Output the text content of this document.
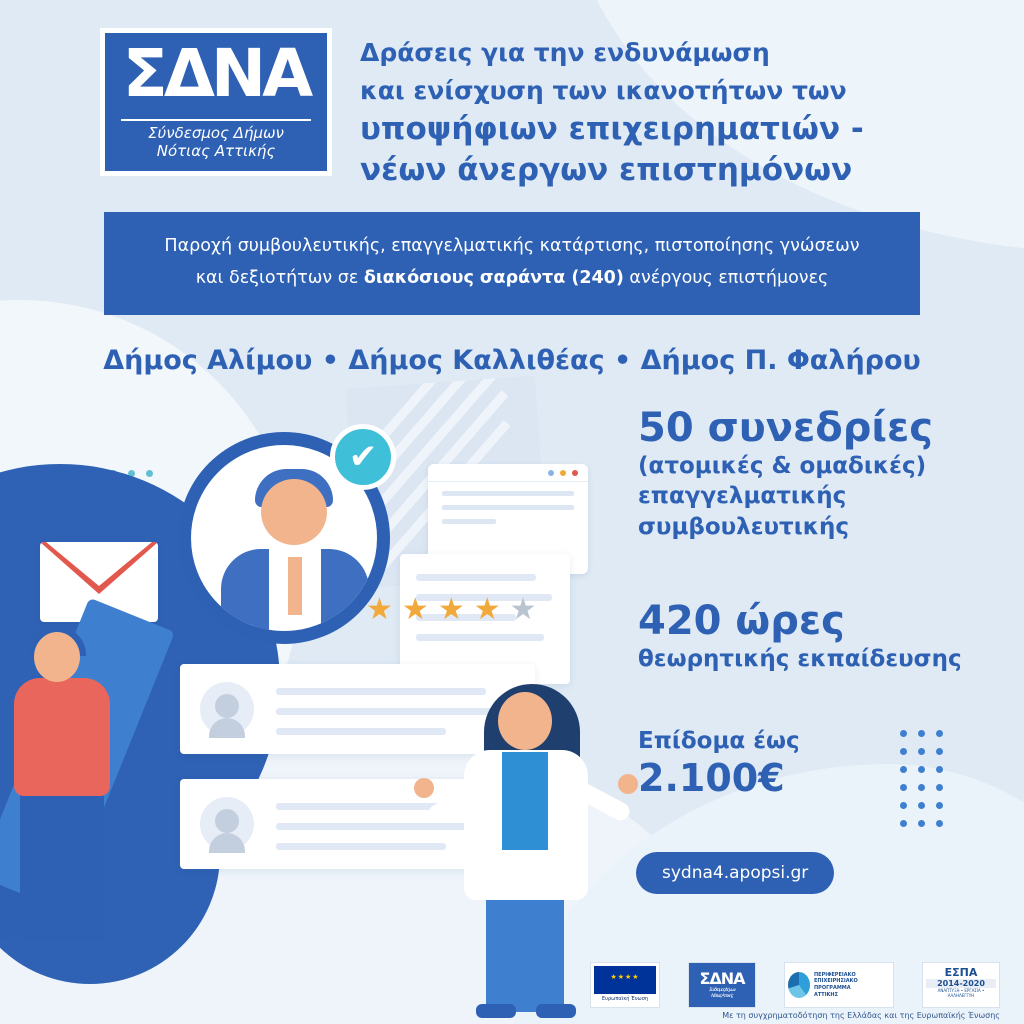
ΣΔΝΑ
Σύνδεσμος Δήμων
Νότιας Αττικής
Δράσεις για την ενδυνάμωση
και ενίσχυση των ικανοτήτων των
υποψήφιων επιχειρηματιών -
νέων άνεργων επιστημόνων
Παροχή συμβουλευτικής, επαγγελματικής κατάρτισης, πιστοποίησης γνώσεων
και δεξιοτήτων σε διακόσιους σαράντα (240) ανέργους επιστήμονες
Δήμος Αλίμου • Δήμος Καλλιθέας • Δήμος Π. Φαλήρου
50 συνεδρίες
(ατομικές & ομαδικές)
επαγγελματικής
συμβουλευτικής
420 ώρες
θεωρητικής εκπαίδευσης
Επίδομα έως
2.100€
sydna4.apopsi.gr
✔
★ ★ ★ ★ ★
★★★★
Ευρωπαϊκή Ένωση
ΣΔΝΑ
Σύνδεσμος Δήμων
Νότιας Αττικής
ΠΕΡΙΦΕΡΕΙΑΚΟ
ΕΠΙΧΕΙΡΗΣΙΑΚΟ
ΠΡΟΓΡΑΜΜΑ
ΑΤΤΙΚΗΣ
ΕΣΠΑ
2014-2020
ΑΝΑΠΤΥΞΗ • ΕΡΓΑΣΙΑ • ΑΛΛΗΛΕΓΓΥΗ
Με τη συγχρηματοδότηση της Ελλάδας και της Ευρωπαϊκής Ένωσης
